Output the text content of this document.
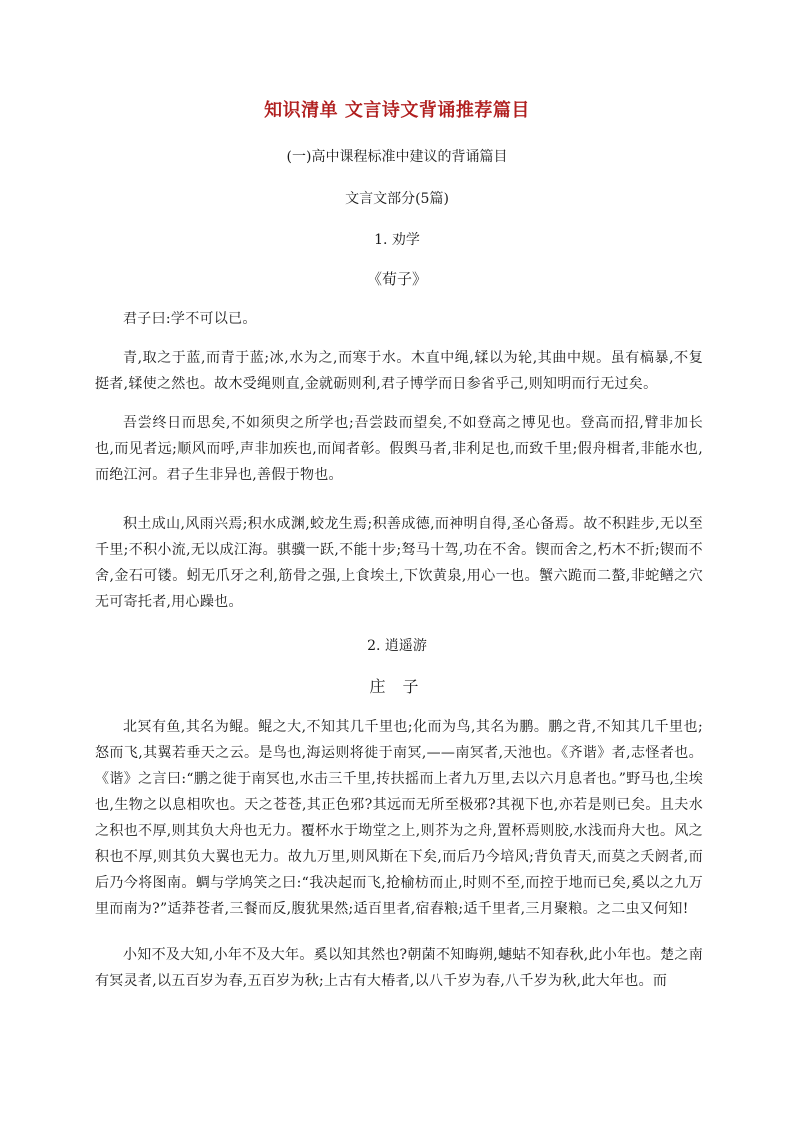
知识清单 文言诗文背诵推荐篇目
(一)高中课程标准中建议的背诵篇目
文言文部分(5篇)
1. 劝学
《荀子》

君子曰:学不可以已。

青,取之于蓝,而青于蓝;冰,水为之,而寒于水。木直中绳,𫐓以为轮,其曲中规。虽有槁暴,不复挺者,𫐓使之然也。故木受绳则直,金就砺则利,君子博学而日参省乎己,则知明而行无过矣。

吾尝终日而思矣,不如须臾之所学也;吾尝跂而望矣,不如登高之博见也。登高而招,臂非加长也,而见者远;顺风而呼,声非加疾也,而闻者彰。假舆马者,非利足也,而致千里;假舟楫者,非能水也,而绝江河。君子生非异也,善假于物也。

积土成山,风雨兴焉;积水成渊,蛟龙生焉;积善成德,而神明自得,圣心备焉。故不积跬步,无以至千里;不积小流,无以成江海。骐骥一跃,不能十步;驽马十驾,功在不舍。锲而舍之,朽木不折;锲而不舍,金石可镂。蚓无爪牙之利,筋骨之强,上食埃土,下饮黄泉,用心一也。蟹六跪而二螯,非蛇鳝之穴无可寄托者,用心躁也。

2. 逍遥游
庄 子

北冥有鱼,其名为鲲。鲲之大,不知其几千里也;化而为鸟,其名为鹏。鹏之背,不知其几千里也;怒而飞,其翼若垂天之云。是鸟也,海运则将徙于南冥,——南冥者,天池也。《齐谐》者,志怪者也。《谐》之言曰:“鹏之徙于南冥也,水击三千里,抟扶摇而上者九万里,去以六月息者也。”野马也,尘埃也,生物之以息相吹也。天之苍苍,其正色邪?其远而无所至极邪?其视下也,亦若是则已矣。且夫水之积也不厚,则其负大舟也无力。覆杯水于坳堂之上,则芥为之舟,置杯焉则胶,水浅而舟大也。风之积也不厚,则其负大翼也无力。故九万里,则风斯在下矣,而后乃今培风;背负青天,而莫之夭阏者,而后乃今将图南。蜩与学鸠笑之曰:“我决起而飞,抢榆枋而止,时则不至,而控于地而已矣,奚以之九万里而南为?”适莽苍者,三餐而反,腹犹果然;适百里者,宿舂粮;适千里者,三月聚粮。之二虫又何知!

小知不及大知,小年不及大年。奚以知其然也?朝菌不知晦朔,蟪蛄不知春秋,此小年也。楚之南有冥灵者,以五百岁为春,五百岁为秋;上古有大椿者,以八千岁为春,八千岁为秋,此大年也。而
